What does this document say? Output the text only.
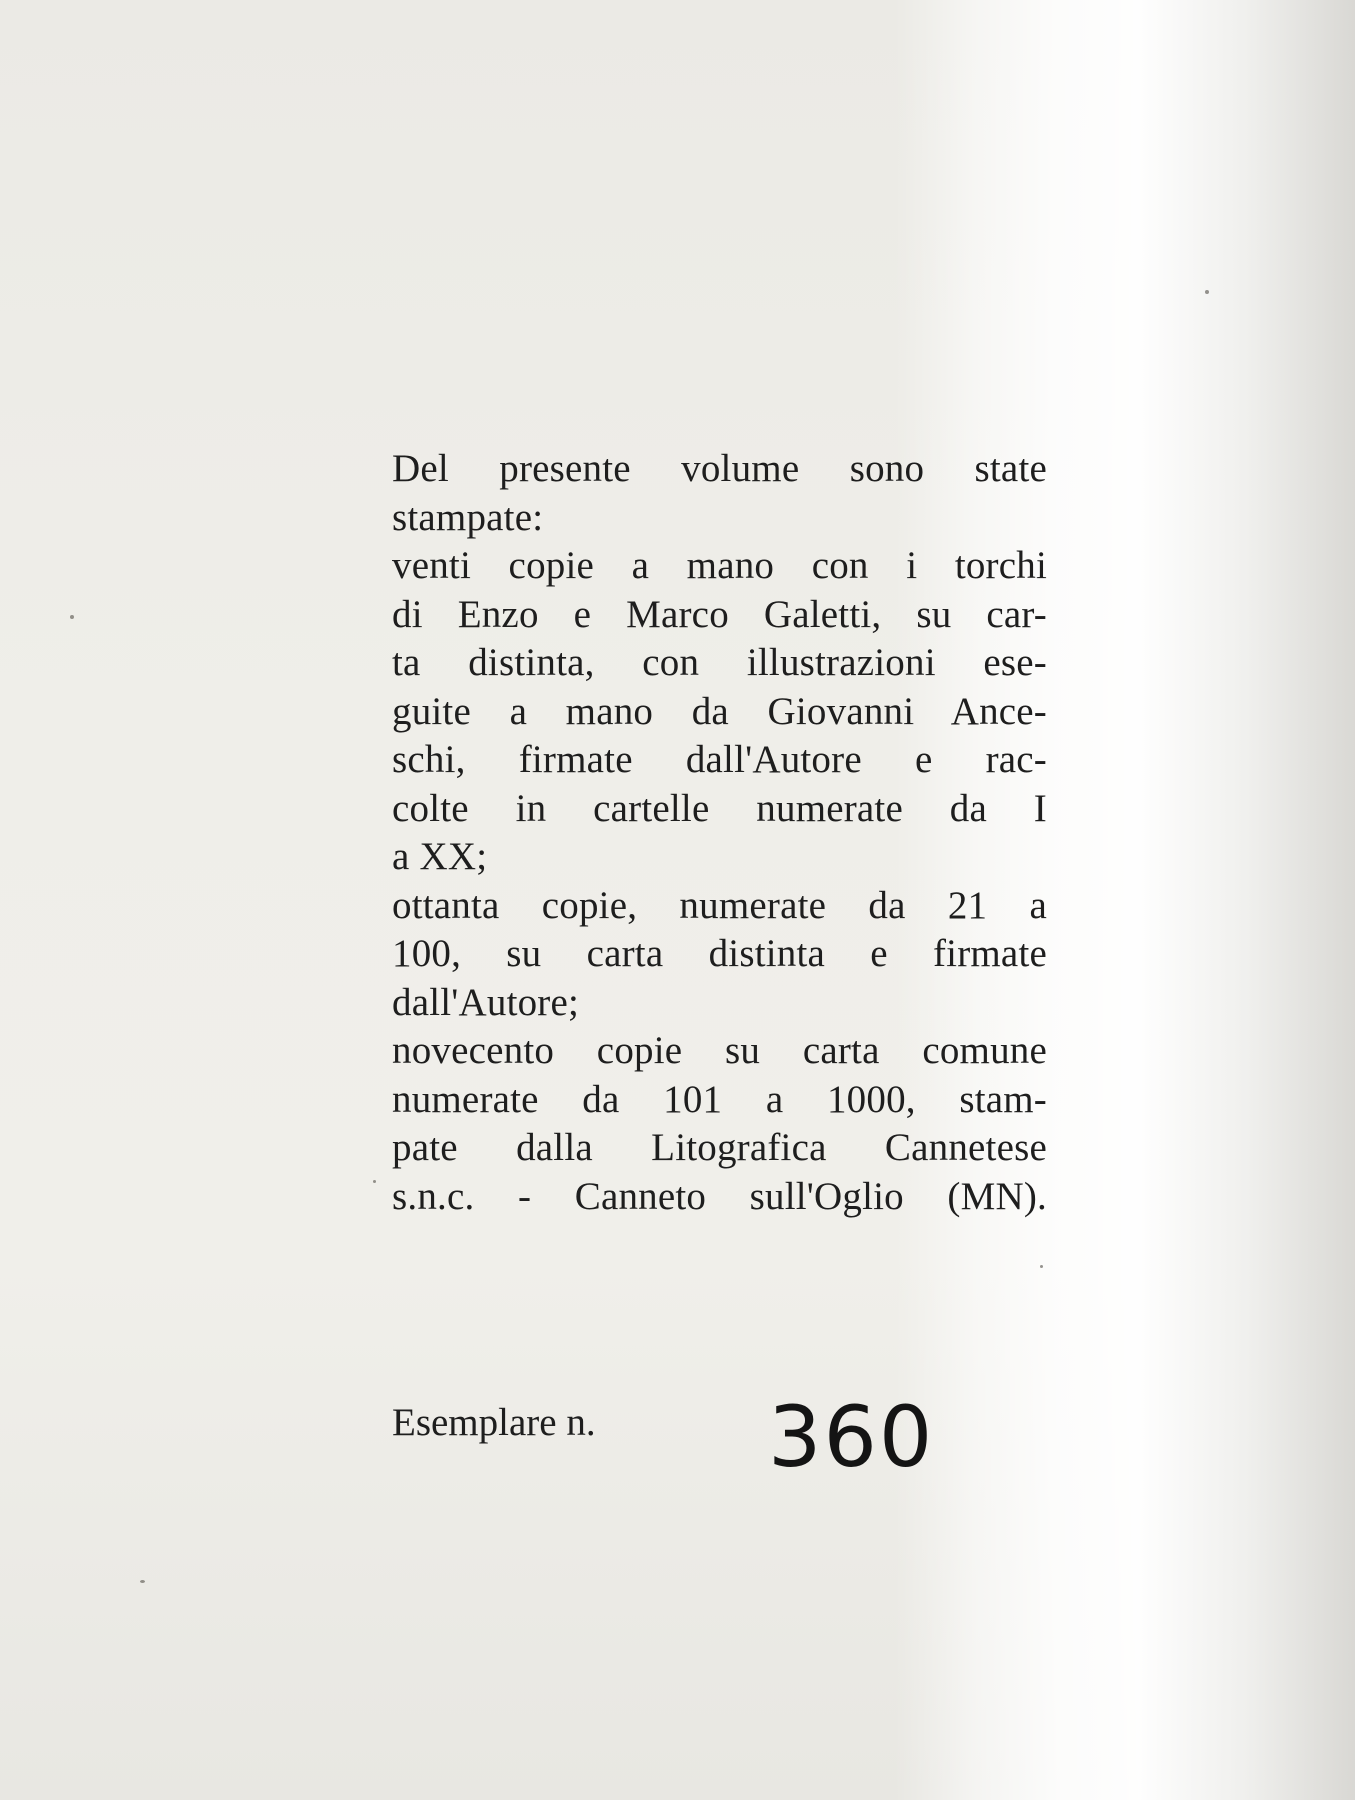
Del presente volume sono state
stampate:
venti copie a mano con i torchi
di Enzo e Marco Galetti, su car-
ta distinta, con illustrazioni ese-
guite a mano da Giovanni Ance-
schi, firmate dall'Autore e rac-
colte in cartelle numerate da I
a XX;
ottanta copie, numerate da 21 a
100, su carta distinta e firmate
dall'Autore;
novecento copie su carta comune
numerate da 101 a 1000, stam-
pate dalla Litografica Cannetese
s.n.c. - Canneto sull'Oglio (MN).
Esemplare n. 360
